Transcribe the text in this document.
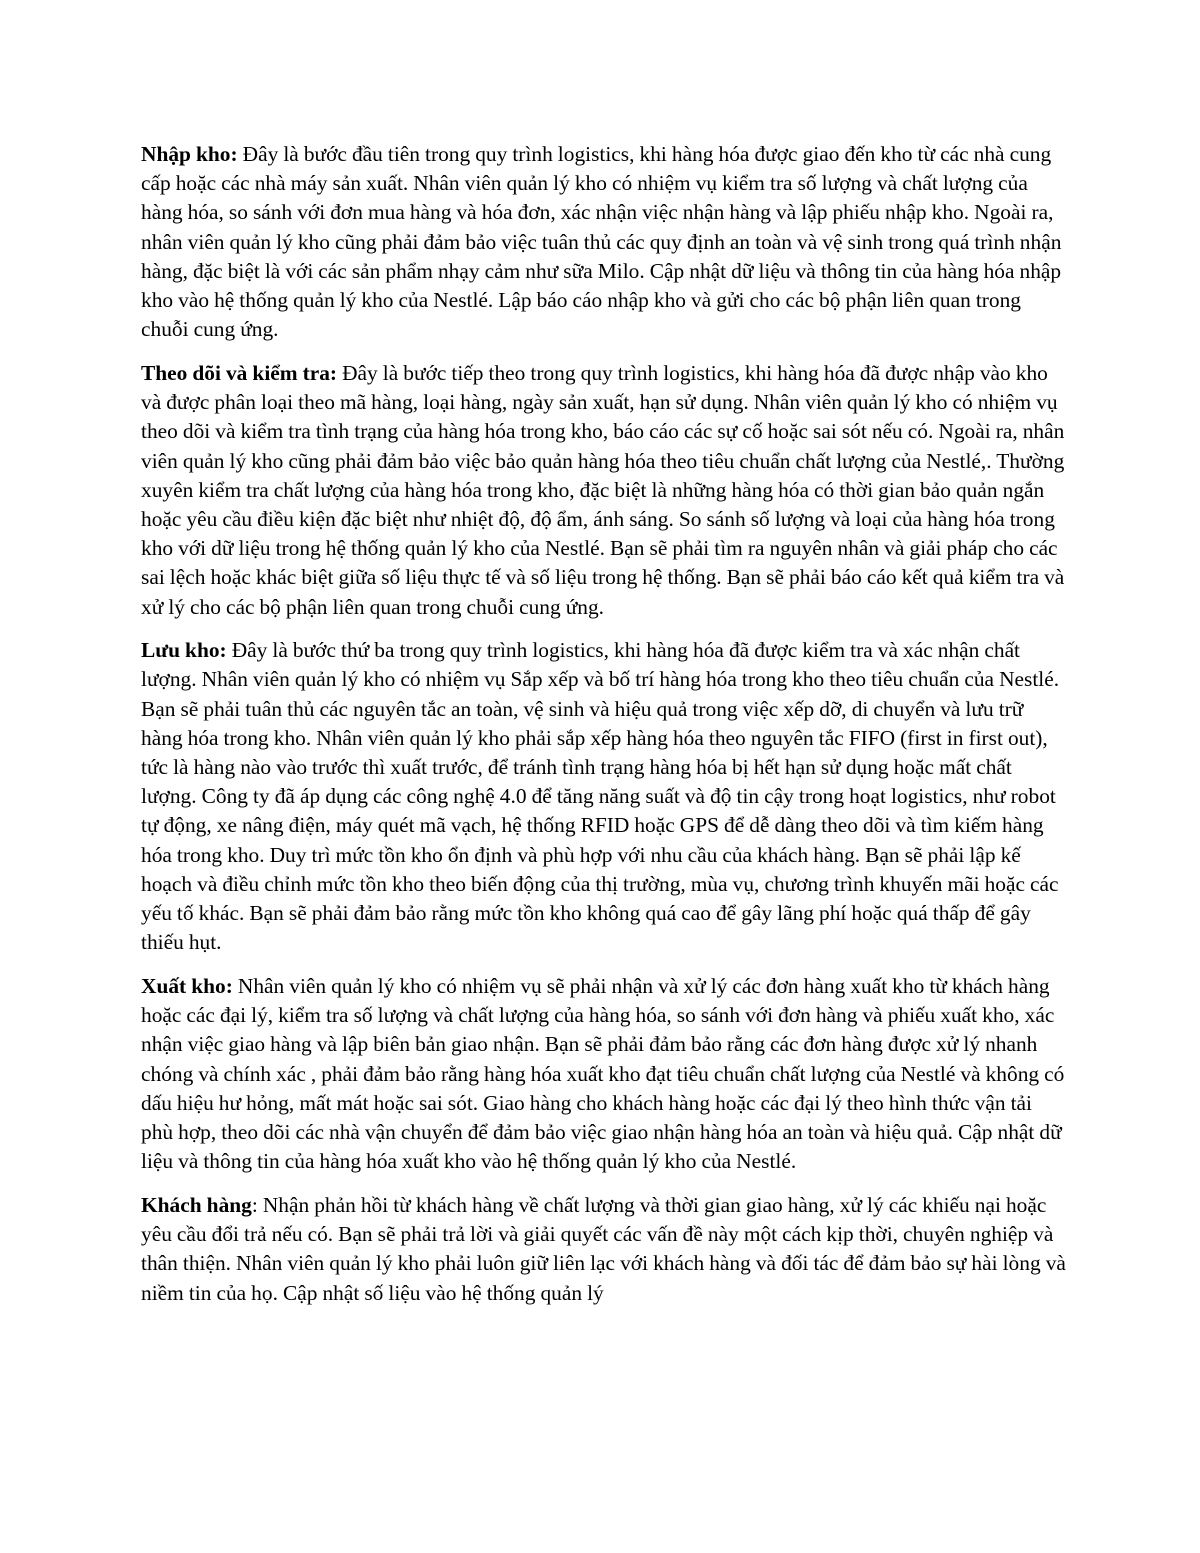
Nhập kho: Đây là bước đầu tiên trong quy trình logistics, khi hàng hóa được giao đến kho từ các nhà cung cấp hoặc các nhà máy sản xuất. Nhân viên quản lý kho có nhiệm vụ kiểm tra số lượng và chất lượng của hàng hóa, so sánh với đơn mua hàng và hóa đơn, xác nhận việc nhận hàng và lập phiếu nhập kho. Ngoài ra, nhân viên quản lý kho cũng phải đảm bảo việc tuân thủ các quy định an toàn và vệ sinh trong quá trình nhận hàng, đặc biệt là với các sản phẩm nhạy cảm như sữa Milo. Cập nhật dữ liệu và thông tin của hàng hóa nhập kho vào hệ thống quản lý kho của Nestlé. Lập báo cáo nhập kho và gửi cho các bộ phận liên quan trong chuỗi cung ứng.

Theo dõi và kiểm tra: Đây là bước tiếp theo trong quy trình logistics, khi hàng hóa đã được nhập vào kho và được phân loại theo mã hàng, loại hàng, ngày sản xuất, hạn sử dụng. Nhân viên quản lý kho có nhiệm vụ theo dõi và kiểm tra tình trạng của hàng hóa trong kho, báo cáo các sự cố hoặc sai sót nếu có. Ngoài ra, nhân viên quản lý kho cũng phải đảm bảo việc bảo quản hàng hóa theo tiêu chuẩn chất lượng của Nestlé,. Thường xuyên kiểm tra chất lượng của hàng hóa trong kho, đặc biệt là những hàng hóa có thời gian bảo quản ngắn hoặc yêu cầu điều kiện đặc biệt như nhiệt độ, độ ẩm, ánh sáng. So sánh số lượng và loại của hàng hóa trong kho với dữ liệu trong hệ thống quản lý kho của Nestlé. Bạn sẽ phải tìm ra nguyên nhân và giải pháp cho các sai lệch hoặc khác biệt giữa số liệu thực tế và số liệu trong hệ thống. Bạn sẽ phải báo cáo kết quả kiểm tra và xử lý cho các bộ phận liên quan trong chuỗi cung ứng.

Lưu kho: Đây là bước thứ ba trong quy trình logistics, khi hàng hóa đã được kiểm tra và xác nhận chất lượng. Nhân viên quản lý kho có nhiệm vụ Sắp xếp và bố trí hàng hóa trong kho theo tiêu chuẩn của Nestlé. Bạn sẽ phải tuân thủ các nguyên tắc an toàn, vệ sinh và hiệu quả trong việc xếp dỡ, di chuyển và lưu trữ hàng hóa trong kho. Nhân viên quản lý kho phải sắp xếp hàng hóa theo nguyên tắc FIFO (first in first out), tức là hàng nào vào trước thì xuất trước, để tránh tình trạng hàng hóa bị hết hạn sử dụng hoặc mất chất lượng. Công ty đã áp dụng các công nghệ 4.0 để tăng năng suất và độ tin cậy trong hoạt logistics, như robot tự động, xe nâng điện, máy quét mã vạch, hệ thống RFID hoặc GPS để dễ dàng theo dõi và tìm kiếm hàng hóa trong kho. Duy trì mức tồn kho ổn định và phù hợp với nhu cầu của khách hàng. Bạn sẽ phải lập kế hoạch và điều chỉnh mức tồn kho theo biến động của thị trường, mùa vụ, chương trình khuyến mãi hoặc các yếu tố khác. Bạn sẽ phải đảm bảo rằng mức tồn kho không quá cao để gây lãng phí hoặc quá thấp để gây thiếu hụt.

Xuất kho: Nhân viên quản lý kho có nhiệm vụ sẽ phải nhận và xử lý các đơn hàng xuất kho từ khách hàng hoặc các đại lý, kiểm tra số lượng và chất lượng của hàng hóa, so sánh với đơn hàng và phiếu xuất kho, xác nhận việc giao hàng và lập biên bản giao nhận. Bạn sẽ phải đảm bảo rằng các đơn hàng được xử lý nhanh chóng và chính xác , phải đảm bảo rằng hàng hóa xuất kho đạt tiêu chuẩn chất lượng của Nestlé và không có dấu hiệu hư hỏng, mất mát hoặc sai sót. Giao hàng cho khách hàng hoặc các đại lý theo hình thức vận tải phù hợp, theo dõi các nhà vận chuyển để đảm bảo việc giao nhận hàng hóa an toàn và hiệu quả. Cập nhật dữ liệu và thông tin của hàng hóa xuất kho vào hệ thống quản lý kho của Nestlé.

Khách hàng: Nhận phản hồi từ khách hàng về chất lượng và thời gian giao hàng, xử lý các khiếu nại hoặc yêu cầu đổi trả nếu có. Bạn sẽ phải trả lời và giải quyết các vấn đề này một cách kịp thời, chuyên nghiệp và thân thiện. Nhân viên quản lý kho phải luôn giữ liên lạc với khách hàng và đối tác để đảm bảo sự hài lòng và niềm tin của họ. Cập nhật số liệu vào hệ thống quản lý
